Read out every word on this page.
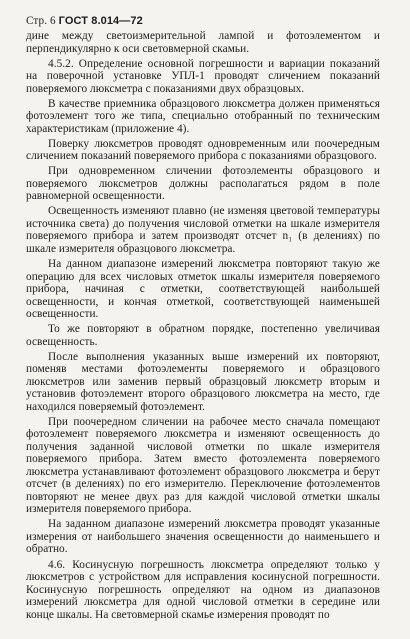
Стр. 6 ГОСТ 8.014—72

дине между светоизмерительной лампой и фотоэлементом и перпендикулярно к оси световмерной скамьи.

4.5.2. Определение основной погрешности и вариации показаний на поверочной установке УПЛ-1 проводят сличением показаний поверяемого люксметра с показаниями двух образцовых.

В качестве приемника образцового люксметра должен применяться фотоэлемент того же типа, специально отобранный по техническим характеристикам (приложение 4).

Поверку люксметров проводят одновременным или поочередным сличением показаний поверяемого прибора с показаниями образцового.

При одновременном сличении фотоэлементы образцового и поверяемого люксметров должны располагаться рядом в поле равномерной освещенности.

Освещенность изменяют плавно (не изменяя цветовой температуры источника света) до получения числовой отметки на шкале измерителя поверяемого прибора и затем производят отсчет n₁ (в делениях) по шкале измерителя образцового люксметра.

На данном диапазоне измерений люксметра повторяют такую же операцию для всех числовых отметок шкалы измерителя поверяемого прибора, начиная с отметки, соответствующей наибольшей освещенности, и кончая отметкой, соответствующей наименьшей освещенности.

То же повторяют в обратном порядке, постепенно увеличивая освещенность.

После выполнения указанных выше измерений их повторяют, поменяв местами фотоэлементы поверяемого и образцового люксметров или заменив первый образцовый люксметр вторым и установив фотоэлемент второго образцового люксметра на место, где находился поверяемый фотоэлемент.

При поочередном сличении на рабочее место сначала помещают фотоэлемент поверяемого люксметра и изменяют освещенность до получения заданной числовой отметки по шкале измерителя поверяемого прибора. Затем вместо фотоэлемента поверяемого люксметра устанавливают фотоэлемент образцового люксметра и берут отсчет (в делениях) по его измерителю. Переключение фотоэлементов повторяют не менее двух раз для каждой числовой отметки шкалы измерителя поверяемого прибора.

На заданном диапазоне измерений люксметра проводят указанные измерения от наибольшего значения освещенности до наименьшего и обратно.

4.6. Косинусную погрешность люксметра определяют только у люксметров с устройством для исправления косинусной погрешности. Косинусную погрешность определяют на одном из диапазонов измерений люксметра для одной числовой отметки в середине или конце шкалы. На световмерной скамье измерения проводят по
